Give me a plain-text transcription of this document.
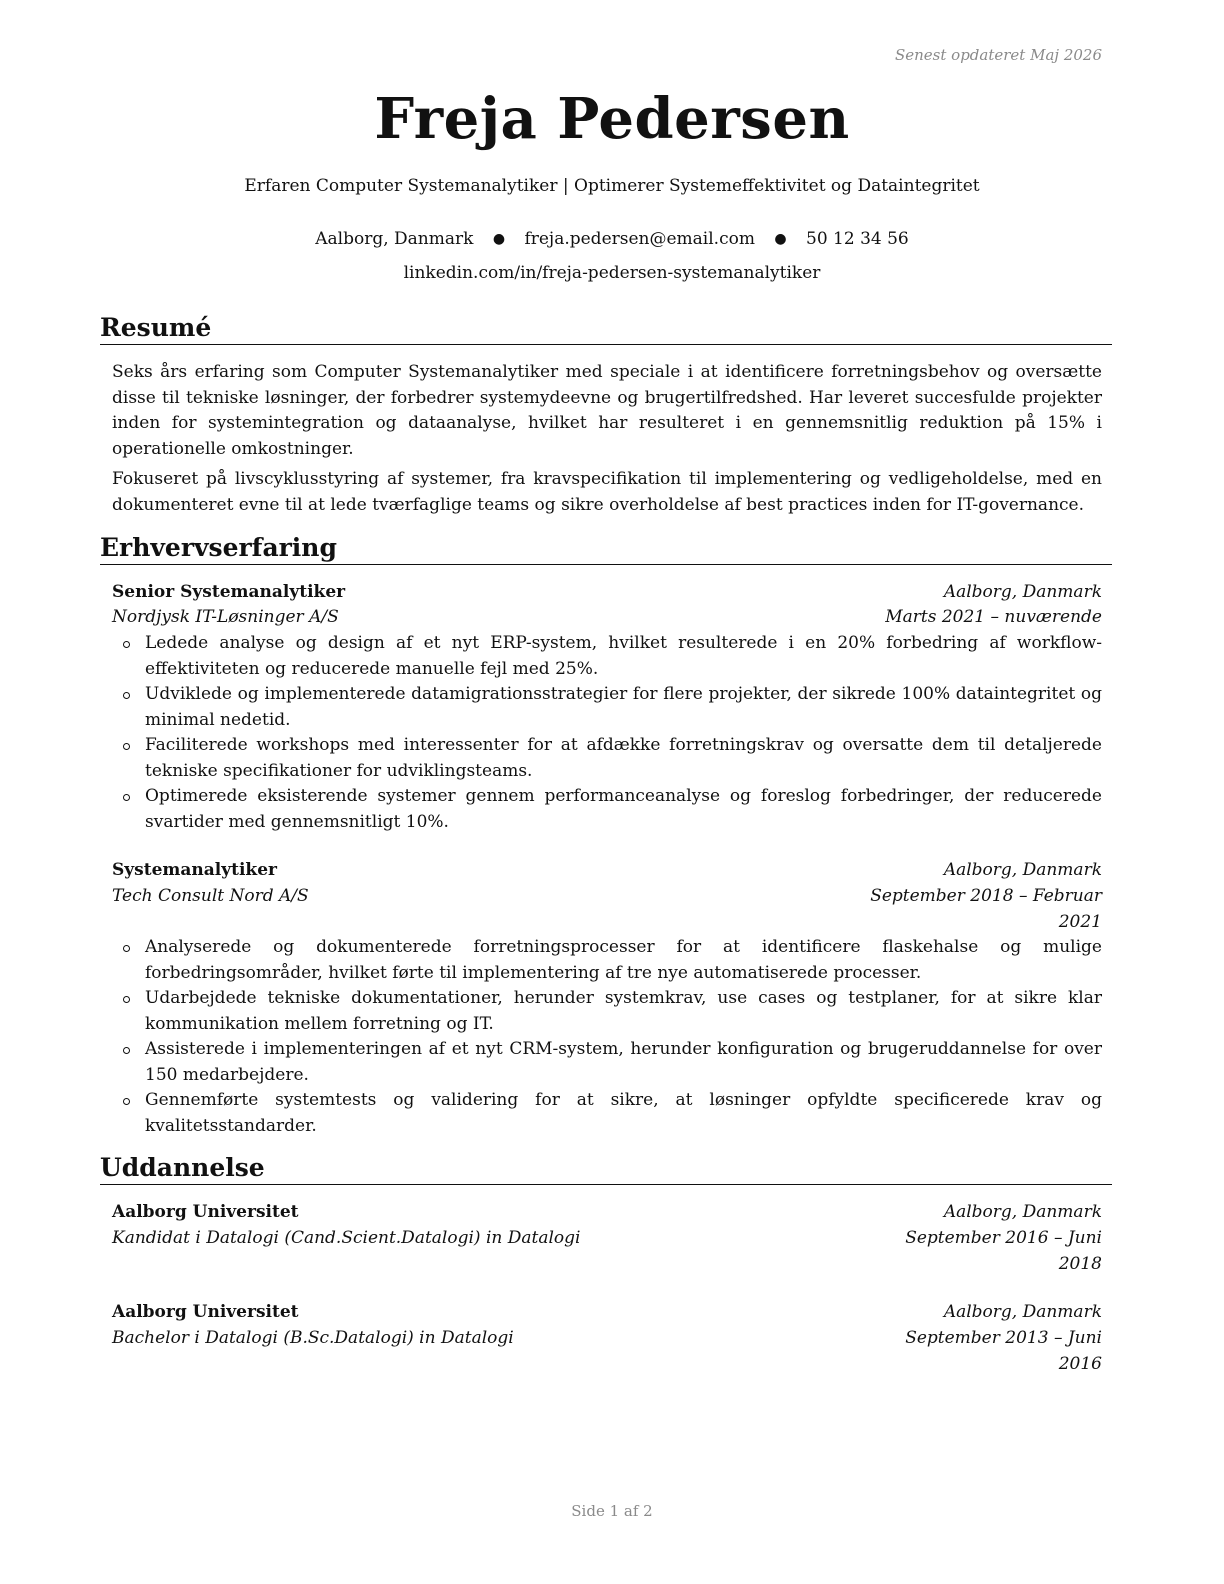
Senest opdateret Maj 2026
Freja Pedersen
Erfaren Computer Systemanalytiker | Optimerer Systemeffektivitet og Dataintegritet
Aalborg, Danmark ● freja.pedersen@email.com ● 50 12 34 56
linkedin.com/in/freja-pedersen-systemanalytiker
Resumé

Seks års erfaring som Computer Systemanalytiker med speciale i at identificere forretningsbehov og oversætte disse til tekniske løsninger, der forbedrer systemydeevne og brugertilfredshed. Har leveret succesfulde projekter inden for systemintegration og dataanalyse, hvilket har resulteret i en gennemsnitlig reduktion på 15% i operationelle omkostninger.

Fokuseret på livscyklusstyring af systemer, fra kravspecifikation til implementering og vedligeholdelse, med en dokumenteret evne til at lede tværfaglige teams og sikre overholdelse af best practices inden for IT-governance.

Erhvervserfaring
Senior Systemanalytiker	Aalborg, Danmark
Nordjysk IT-Løsninger A/S	Marts 2021 – nuværende
Ledede analyse og design af et nyt ERP-system, hvilket resulterede i en 20% forbedring af workflow-effektiviteten og reducerede manuelle fejl med 25%.
Udviklede og implementerede datamigrationsstrategier for flere projekter, der sikrede 100% dataintegritet og minimal nedetid.
Faciliterede workshops med interessenter for at afdække forretningskrav og oversatte dem til detaljerede tekniske specifikationer for udviklingsteams.
Optimerede eksisterende systemer gennem performanceanalyse og foreslog forbedringer, der reducerede svartider med gennemsnitligt 10%.
Systemanalytiker	Aalborg, Danmark
Tech Consult Nord A/S	September 2018 – Februar
2021
Analyserede og dokumenterede forretningsprocesser for at identificere flaskehalse og mulige forbedringsområder, hvilket førte til implementering af tre nye automatiserede processer.
Udarbejdede tekniske dokumentationer, herunder systemkrav, use cases og testplaner, for at sikre klar kommunikation mellem forretning og IT.
Assisterede i implementeringen af et nyt CRM-system, herunder konfiguration og brugeruddannelse for over 150 medarbejdere.
Gennemførte systemtests og validering for at sikre, at løsninger opfyldte specificerede krav og kvalitetsstandarder.
Uddannelse
Aalborg Universitet	Aalborg, Danmark
Kandidat i Datalogi (Cand.Scient.Datalogi) in Datalogi	September 2016 – Juni
2018
Aalborg Universitet	Aalborg, Danmark
Bachelor i Datalogi (B.Sc.Datalogi) in Datalogi	September 2013 – Juni
2016
Side 1 af 2
